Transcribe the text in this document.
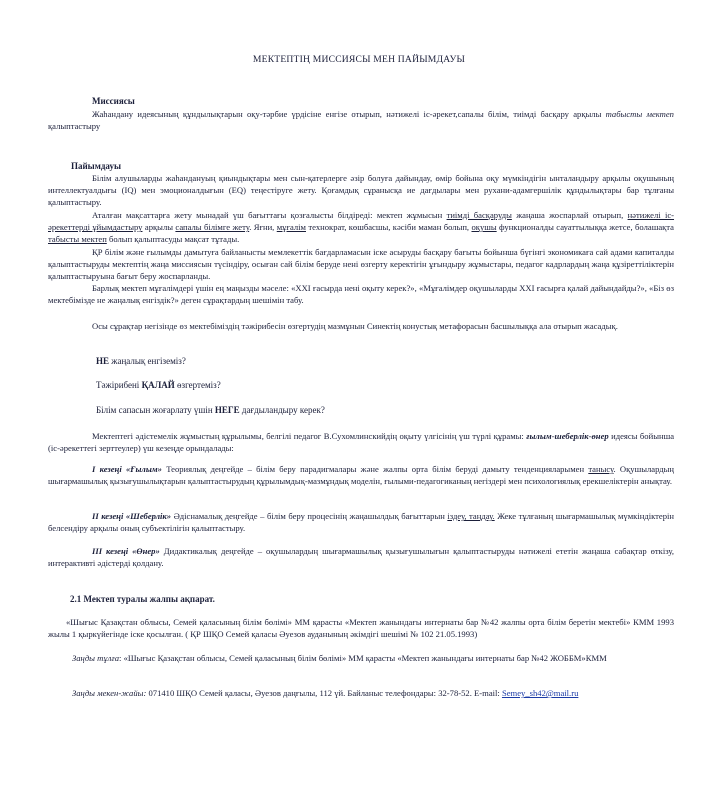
МЕКТЕПТІҢ МИССИЯСЫ МЕН ПАЙЫМДАУЫ
Миссиясы
Жаһандану идеясының құндылықтарын оқу-тәрбие үрдісіне енгізе отырып, нәтижелі іс-әрекет,сапалы білім, тиімді басқару арқылы табысты мектеп қалыптастыру
Пайымдауы
Білім алушыларды жаһандануың қиындықтары мен сын-қатерлерге әзір болуға дайындау, өмір бойына оқу мүмкіндігін ынталандыру арқылы оқушының интеллектуалдығы (IQ) мен эмоционалдығын (EQ) теңестіруге жету. Қоғамдық сұранысқа ие дағдылары мен рухани-адамгершілік құндылықтары бар тұлғаны қалыптастыру.
Аталған мақсаттарға жету мынадай үш бағыттағы қозғалысты білдіреді: мектеп жұмысын тиімді басқаруды жаңаша жоспарлай отырып, нәтижелі іс-әрекеттерді ұйымдастыру арқылы сапалы білімге жету. Яғни, мұғалім технократ, көшбасшы, кәсіби маман болып, оқушы функционалды сауаттылыққа жетсе, болашақта табысты мектеп болып қалыптасуды мақсат тұтады.
ҚР білім және ғылымды дамытуға байланысты мемлекеттік бағдарламасын іске асыруды басқару бағыты бойынша бүгінгі экономикаға сай адами капиталды қалыптастыруды мектептің жаңа миссиясын түсіндіру, осыған сай білім беруде нені өзгерту керектігін ұғындыру жұмыстары, педагог кадрлардың жаңа құзіреттіліктерін қалыптастыруына бағыт беру жоспарланды.
Барлық мектеп мұғалімдері үшін ең маңызды мәселе: «XXI ғасырда нені оқыту керек?», «Мұғалімдер оқушыларды XXI ғасырға қалай дайындайды?», «Біз өз мектебімізде не жаңалық енгіздік?» деген сұрақтардың шешімін табу.
Осы сұрақтар негізінде өз мектебіміздің тәжірибесін өзгертудің мазмұнын Синектің конустық метафорасын басшылыққа ала отырып жасадық.
НЕ жаңалық енгіземіз?
Тәжірибені ҚАЛАЙ өзгертеміз?
Білім сапасын жоғарлату үшін НЕГЕ дағдыландыру керек?
Мектептегі әдістемелік жұмыстың құрылымы, белгілі педагог В.Сухомлинскийдің оқыту үлгісінің үш түрлі құрамы: ғылым-шеберлік-өнер идеясы бойынша (іс-әрекеттегі зерттеулер) үш кезеңде орындалады:
І кезеңі «Ғылым» Теориялық деңгейде – білім беру парадигмалары және жалпы орта білім беруді дамыту тенденцияларымен танысу. Оқушылардың шығармашылық қызығушылықтарын қалыптастырудың құрылымдық-мазмұндық моделін, ғылыми-педагогиканың негіздері мен психологиялық ерекшеліктерін анықтау.
ІІ кезеңі «Шеберлік» Әдіснамалық деңгейде – білім беру процесінің жаңашылдық бағыттарын іздеу, таңдау. Жеке тұлғаның шығармашылық мүмкіндіктерін белсендіру арқылы оның субъектілігін қалыптастыру.
ІІІ кезеңі «Өнер» Дидактикалық деңгейде – оқушылардың шығармашылық қызығушылығын қалыптастыруды нәтижелі ететін жаңаша сабақтар өткізу, интерактивті әдістерді қолдану.
2.1 Мектеп туралы жалпы ақпарат.
«Шығыс Қазақстан облысы, Семей қаласының білім бөлімі» ММ қарасты «Мектеп жанындағы интернаты бар №42 жалпы орта білім беретін мектебі» КММ 1993 жылы 1 қыркүйегінде іске қосылған. ( ҚР ШҚО Семей қаласы Әуезов ауданының әкімдігі шешімі № 102 21.05.1993)
Заңды тұлға: «Шығыс Қазақстан облысы, Семей қаласының білім бөлімі» ММ қарасты «Мектеп жанындағы интернаты бар №42 ЖОББМ»КММ
Заңды мекен-жайы: 071410 ШҚО Семей қаласы, Әуезов даңғылы, 112 үй. Байланыс телефондары: 32-78-52. E-mail: Semey_sh42@mail.ru
